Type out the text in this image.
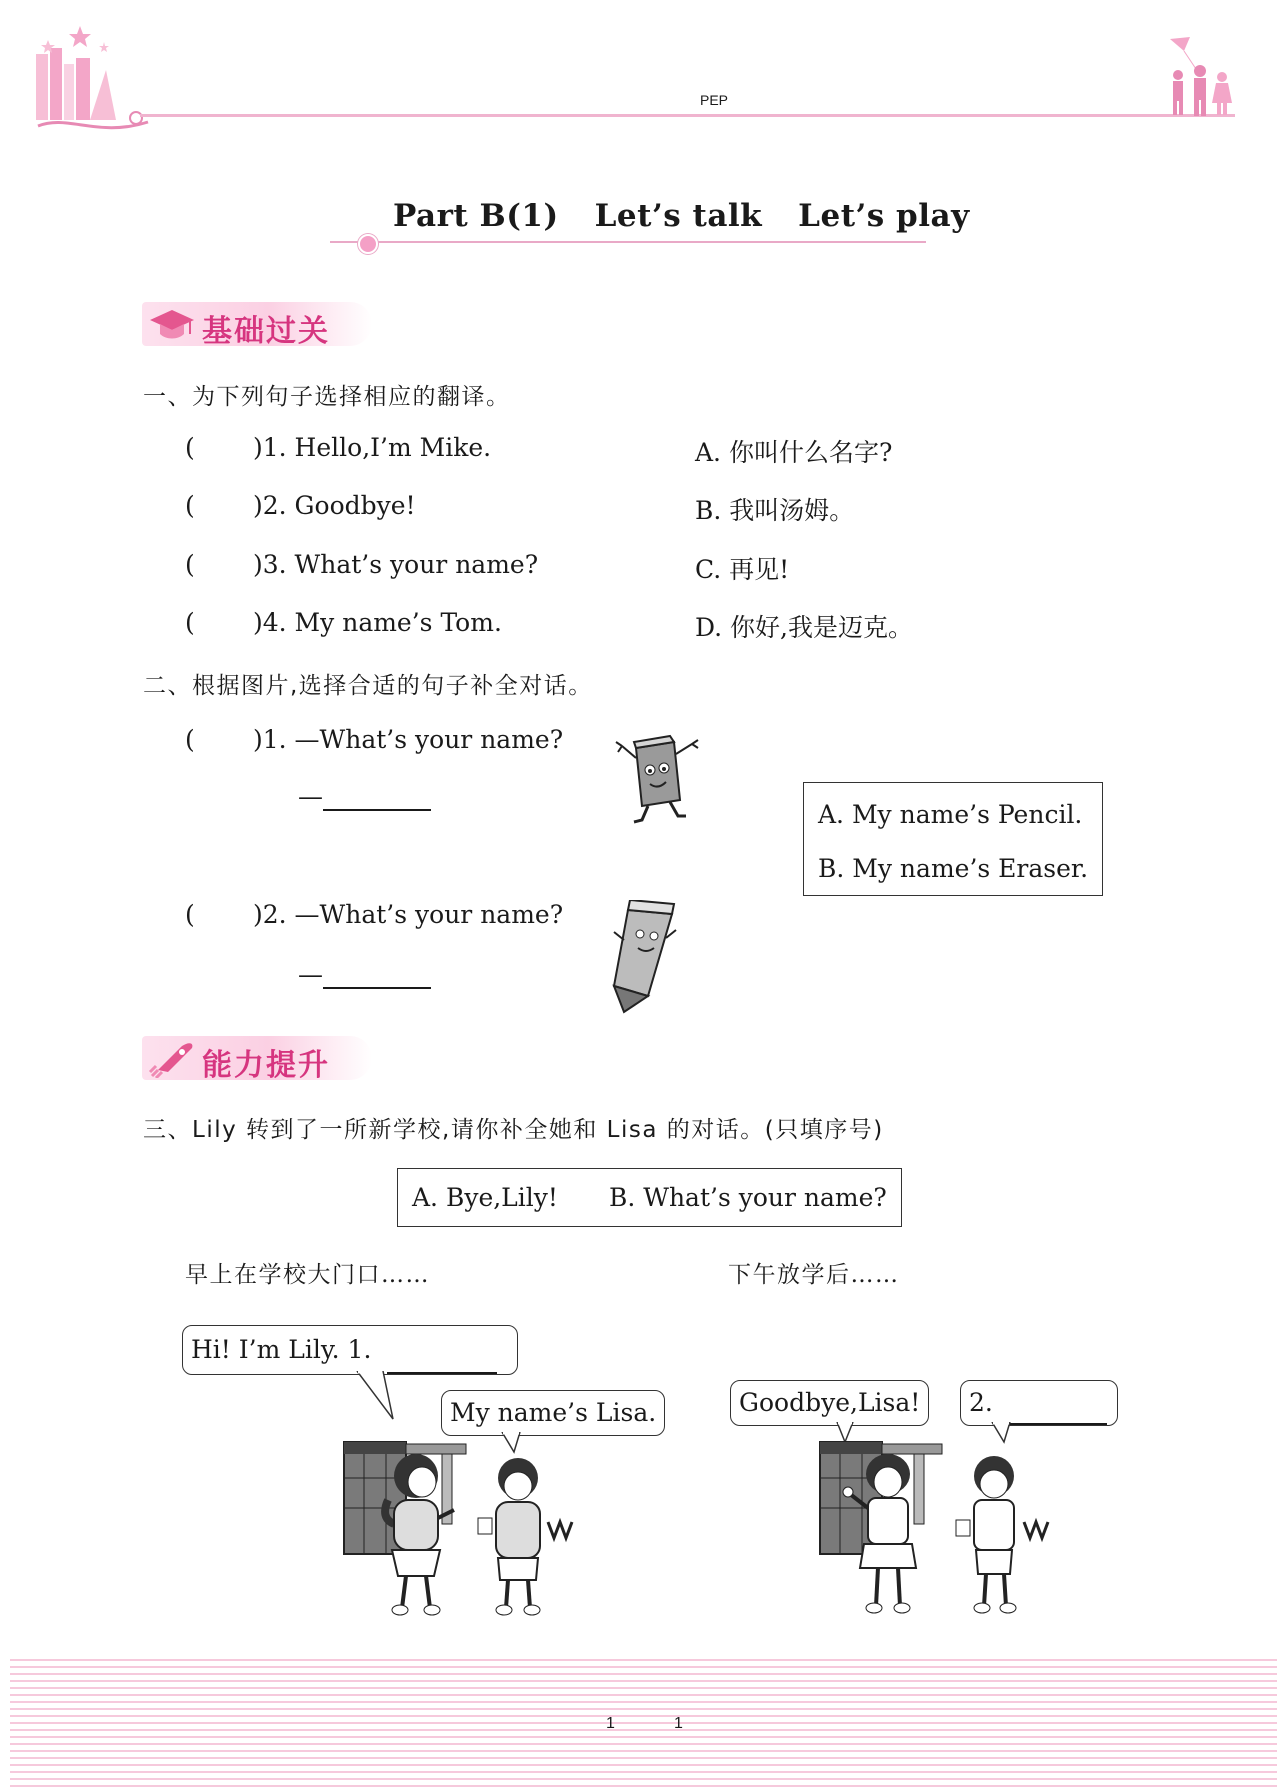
PEP
Part B(1) Let’s talk Let’s play
基础过关
一、为下列句子选择相应的翻译。
( )1. Hello,I’m Mike.	A. 你叫什么名字?
( )2. Goodbye!	B. 我叫汤姆。
( )3. What’s your name?	C. 再见!
( )4. My name’s Tom.	D. 你好,我是迈克。
二、根据图片,选择合适的句子补全对话。
( )1. —What’s your name?
—
A. My name’s Pencil.
B. My name’s Eraser.
( )2. —What’s your name?
—
能力提升
三、Lily 转到了一所新学校,请你补全她和 Lisa 的对话。(只填序号)
A. Bye,Lily! B. What’s your name?
早上在学校大门口……	下午放学后……
Hi! I’m Lily. 1.
My name’s Lisa.	Goodbye,Lisa!	2.
1	1
